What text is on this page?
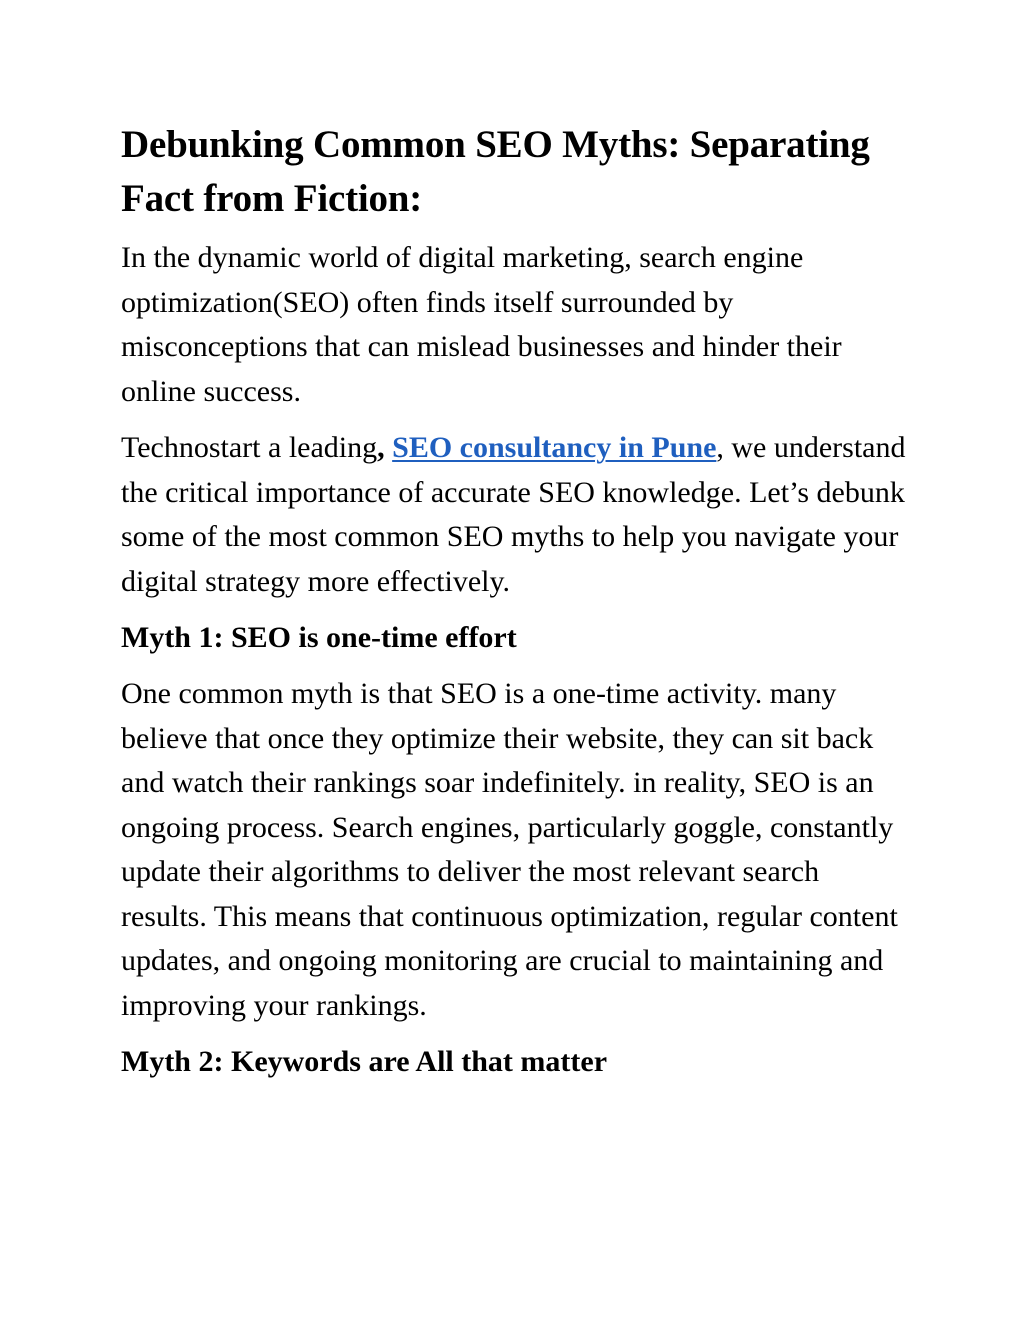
Debunking Common SEO Myths: Separating Fact from Fiction:

In the dynamic world of digital marketing, search engine optimization(SEO) often finds itself surrounded by misconceptions that can mislead businesses and hinder their online success.

Technostart a leading, SEO consultancy in Pune, we understand the critical importance of accurate SEO knowledge. Let’s debunk some of the most common SEO myths to help you navigate your digital strategy more effectively.

Myth 1: SEO is one-time effort

One common myth is that SEO is a one-time activity. many believe that once they optimize their website, they can sit back and watch their rankings soar indefinitely. in reality, SEO is an ongoing process. Search engines, particularly goggle, constantly update their algorithms to deliver the most relevant search results. This means that continuous optimization, regular content updates, and ongoing monitoring are crucial to maintaining and improving your rankings.

Myth 2: Keywords are All that matter
